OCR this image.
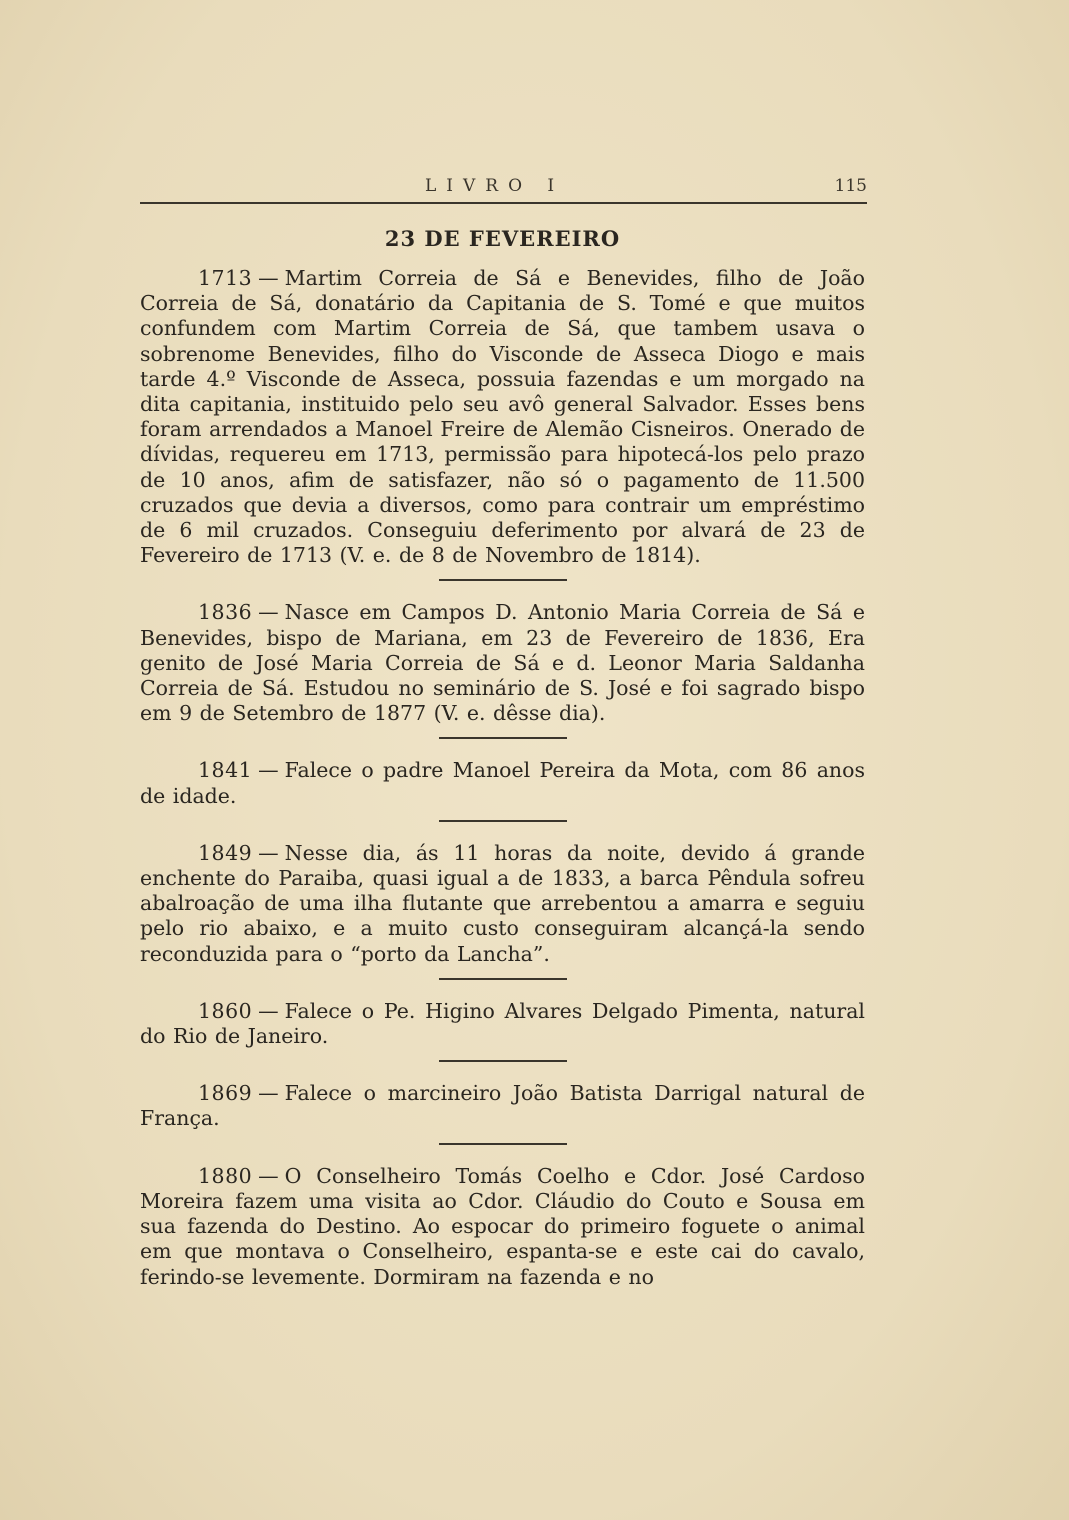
LIVRO I	115
23 DE FEVEREIRO

1713 — Martim Correia de Sá e Benevides, filho de João Correia de Sá, donatário da Capitania de S. Tomé e que muitos confundem com Martim Correia de Sá, que tambem usava o sobrenome Benevides, filho do Visconde de Asseca Diogo e mais tarde 4.º Visconde de Asseca, possuia fazendas e um morgado na dita capitania, instituido pelo seu avô general Salvador. Esses bens foram arrendados a Manoel Freire de Alemão Cisneiros. Onerado de dívidas, requereu em 1713, permissão para hipotecá-los pelo prazo de 10 anos, afim de satisfazer, não só o pagamento de 11.500 cruzados que devia a diversos, como para contrair um empréstimo de 6 mil cruzados. Conseguiu deferimento por alvará de 23 de Fevereiro de 1713 (V. e. de 8 de Novembro de 1814).

1836 — Nasce em Campos D. Antonio Maria Correia de Sá e Benevides, bispo de Mariana, em 23 de Fevereiro de 1836, Era genito de José Maria Correia de Sá e d. Leonor Maria Saldanha Correia de Sá. Estudou no seminário de S. José e foi sagrado bispo em 9 de Setembro de 1877 (V. e. dêsse dia).

1841 — Falece o padre Manoel Pereira da Mota, com 86 anos de idade.

1849 — Nesse dia, ás 11 horas da noite, devido á grande enchente do Paraiba, quasi igual a de 1833, a barca Pêndula sofreu abalroação de uma ilha flutante que arrebentou a amarra e seguiu pelo rio abaixo, e a muito custo conseguiram alcançá-la sendo reconduzida para o “porto da Lancha”.

1860 — Falece o Pe. Higino Alvares Delgado Pimenta, natural do Rio de Janeiro.

1869 — Falece o marcineiro João Batista Darrigal natural de França.

1880 — O Conselheiro Tomás Coelho e Cdor. José Cardoso Moreira fazem uma visita ao Cdor. Cláudio do Couto e Sousa em sua fazenda do Destino. Ao espocar do primeiro foguete o animal em que montava o Conselheiro, espanta-se e este cai do cavalo, ferindo-se levemente. Dormiram na fazenda e no
